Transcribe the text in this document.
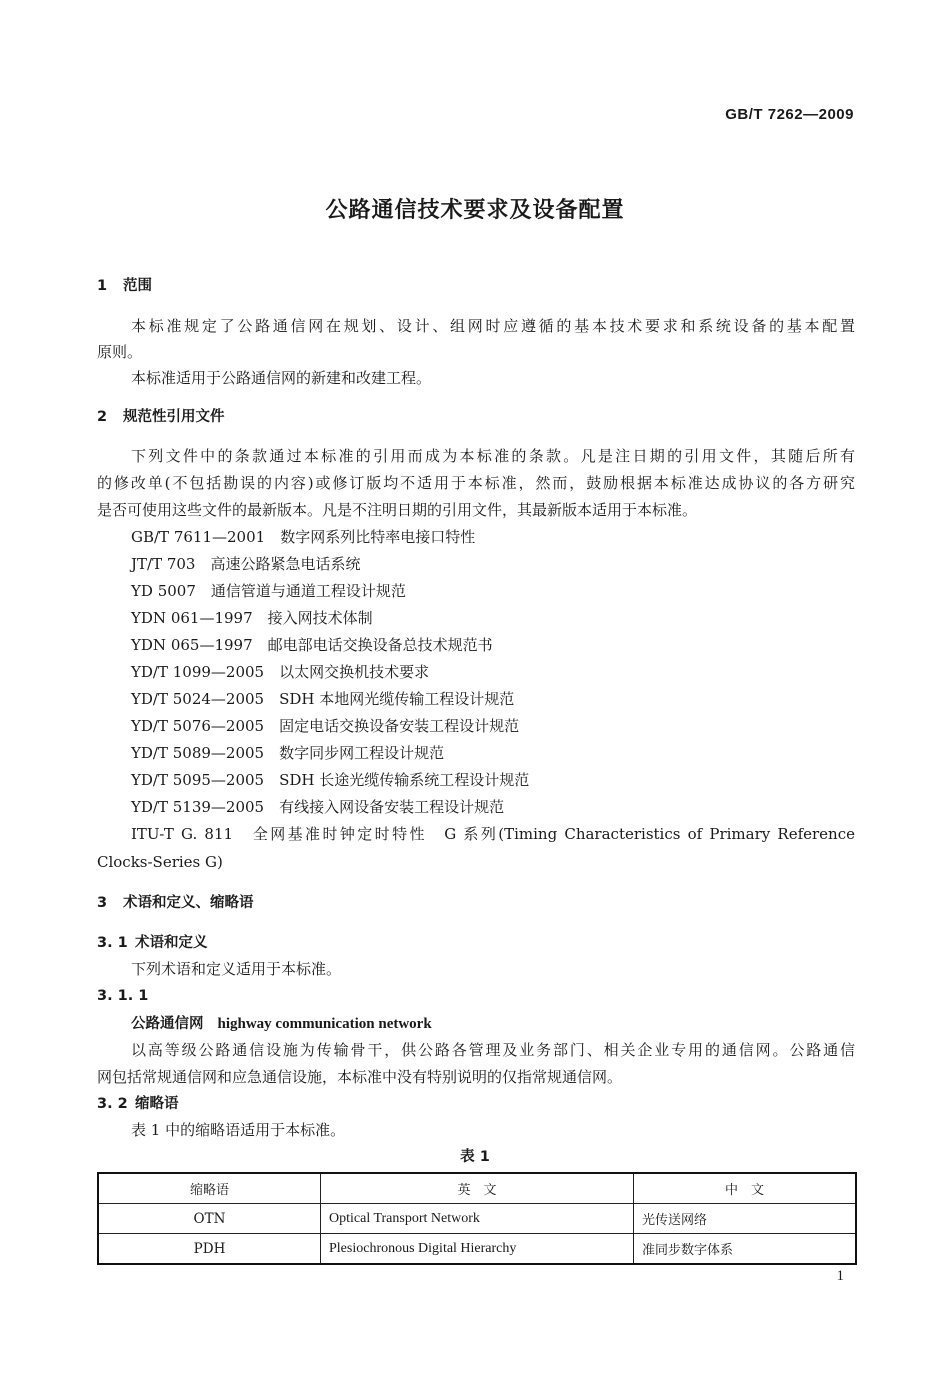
GB/T 7262—2009
公路通信技术要求及设备配置
1 范围
本标准规定了公路通信网在规划、设计、组网时应遵循的基本技术要求和系统设备的基本配置
原则。
本标准适用于公路通信网的新建和改建工程。
2 规范性引用文件
下列文件中的条款通过本标准的引用而成为本标准的条款。凡是注日期的引用文件，其随后所有
的修改单(不包括勘误的内容)或修订版均不适用于本标准，然而，鼓励根据本标准达成协议的各方研究
是否可使用这些文件的最新版本。凡是不注明日期的引用文件，其最新版本适用于本标准。
GB/T 7611—2001　 数字网系列比特率电接口特性
JT/T 703　 高速公路紧急电话系统
YD 5007　 通信管道与通道工程设计规范
YDN 061—1997　 接入网技术体制
YDN 065—1997　 邮电部电话交换设备总技术规范书
YD/T 1099—2005　 以太网交换机技术要求
YD/T 5024—2005　 SDH 本地网光缆传输工程设计规范
YD/T 5076—2005　 固定电话交换设备安装工程设计规范
YD/T 5089—2005　 数字同步网工程设计规范
YD/T 5095—2005　 SDH 长途光缆传输系统工程设计规范
YD/T 5139—2005　 有线接入网设备安装工程设计规范
ITU-T G. 811　全网基准时钟定时特性　G 系列(Timing Characteristics of Primary Reference
Clocks-Series G)
3 术语和定义、缩略语
3. 1 术语和定义
下列术语和定义适用于本标准。
3. 1. 1
公路通信网 highway communication network
以高等级公路通信设施为传输骨干，供公路各管理及业务部门、相关企业专用的通信网。公路通信
网包括常规通信网和应急通信设施，本标准中没有特别说明的仅指常规通信网。
3. 2 缩略语
表 1 中的缩略语适用于本标准。
表 1
缩略语	英　文	中　文
OTN	Optical Transport Network	光传送网络
PDH	Plesiochronous Digital Hierarchy	准同步数字体系
1
